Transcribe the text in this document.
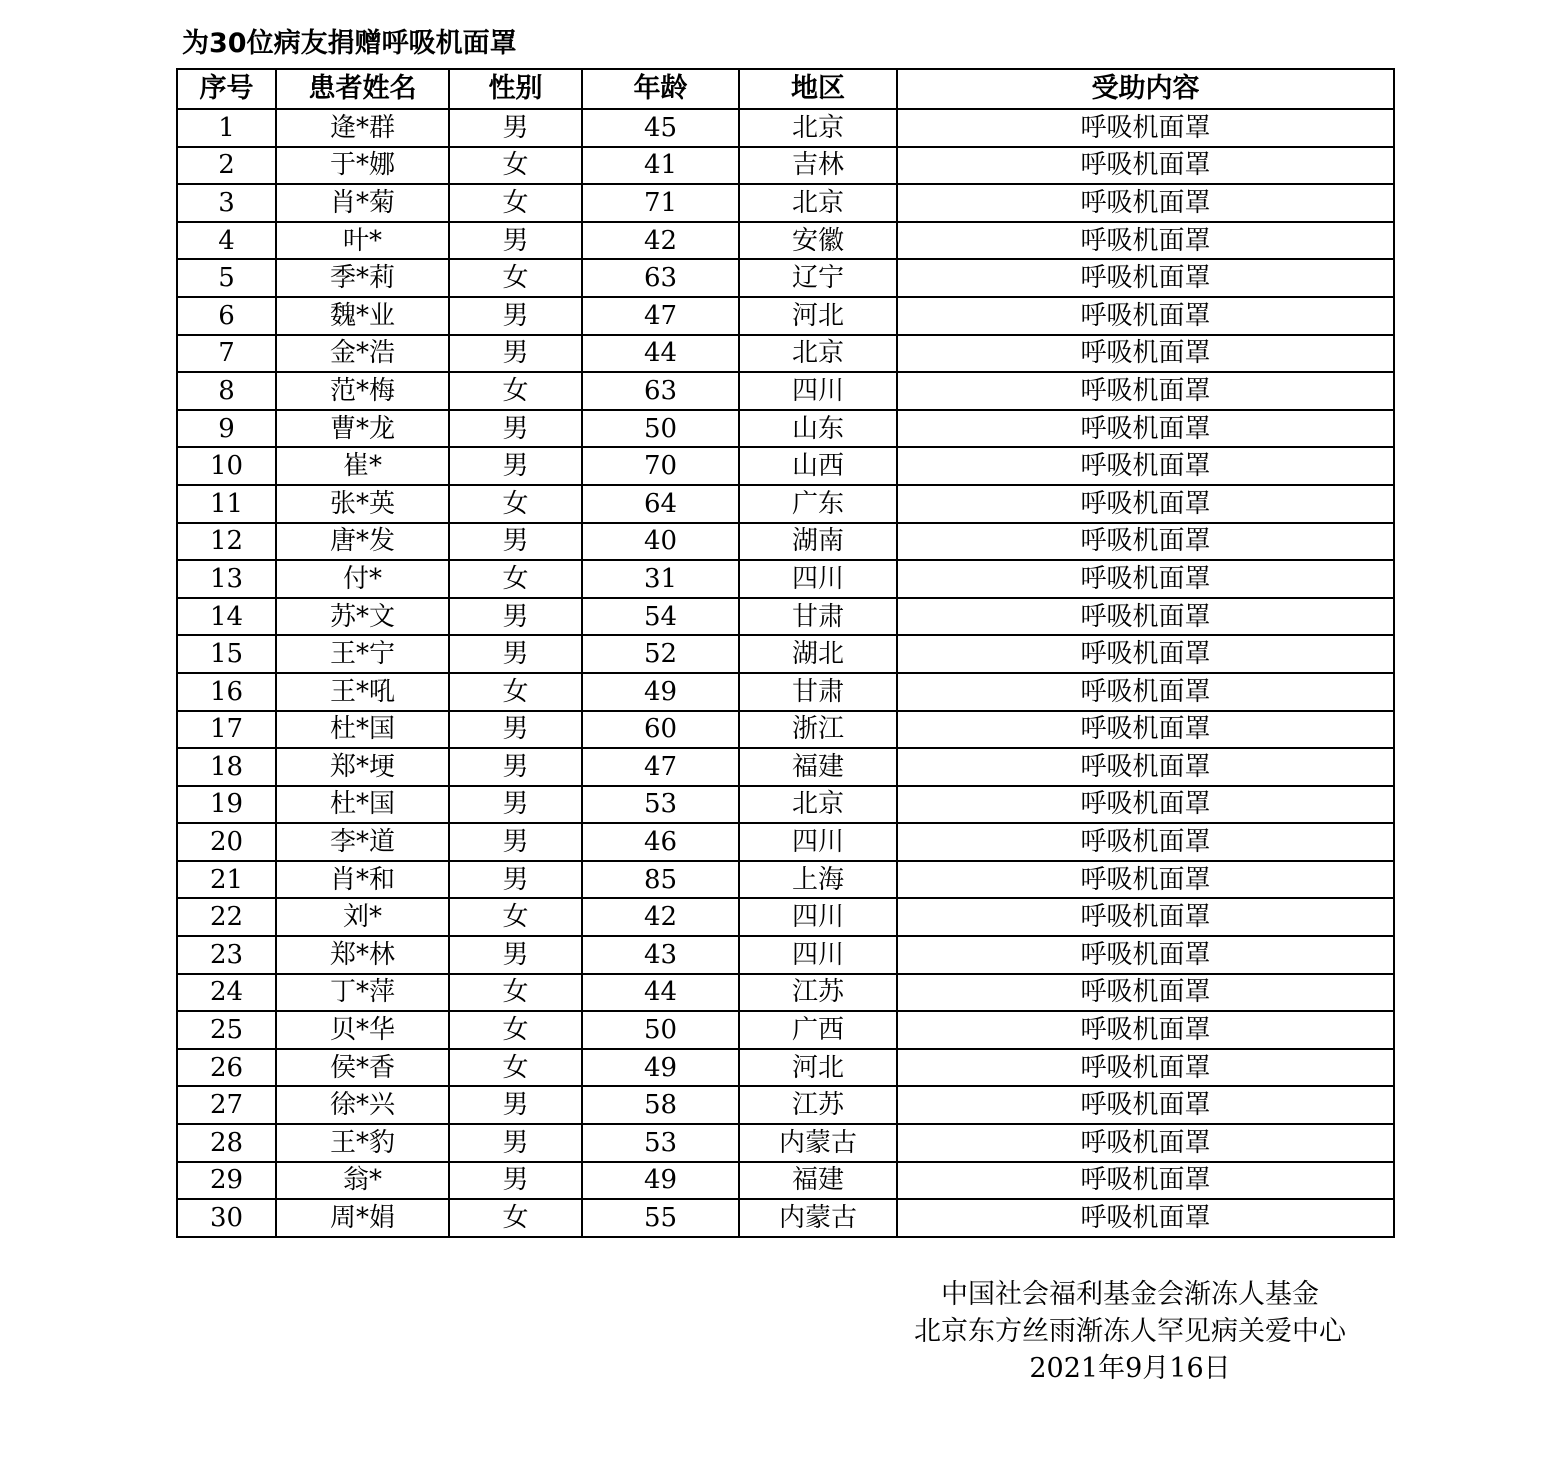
为30位病友捐赠呼吸机面罩
序号	患者姓名	性别	年龄	地区	受助内容
1	逄*群	男	45	北京	呼吸机面罩
2	于*娜	女	41	吉林	呼吸机面罩
3	肖*菊	女	71	北京	呼吸机面罩
4	叶*	男	42	安徽	呼吸机面罩
5	季*莉	女	63	辽宁	呼吸机面罩
6	魏*业	男	47	河北	呼吸机面罩
7	金*浩	男	44	北京	呼吸机面罩
8	范*梅	女	63	四川	呼吸机面罩
9	曹*龙	男	50	山东	呼吸机面罩
10	崔*	男	70	山西	呼吸机面罩
11	张*英	女	64	广东	呼吸机面罩
12	唐*发	男	40	湖南	呼吸机面罩
13	付*	女	31	四川	呼吸机面罩
14	苏*文	男	54	甘肃	呼吸机面罩
15	王*宁	男	52	湖北	呼吸机面罩
16	王*吼	女	49	甘肃	呼吸机面罩
17	杜*国	男	60	浙江	呼吸机面罩
18	郑*埂	男	47	福建	呼吸机面罩
19	杜*国	男	53	北京	呼吸机面罩
20	李*道	男	46	四川	呼吸机面罩
21	肖*和	男	85	上海	呼吸机面罩
22	刘*	女	42	四川	呼吸机面罩
23	郑*林	男	43	四川	呼吸机面罩
24	丁*萍	女	44	江苏	呼吸机面罩
25	贝*华	女	50	广西	呼吸机面罩
26	侯*香	女	49	河北	呼吸机面罩
27	徐*兴	男	58	江苏	呼吸机面罩
28	王*豹	男	53	内蒙古	呼吸机面罩
29	翁*	男	49	福建	呼吸机面罩
30	周*娟	女	55	内蒙古	呼吸机面罩
中国社会福利基金会渐冻人基金
北京东方丝雨渐冻人罕见病关爱中心
2021年9月16日
